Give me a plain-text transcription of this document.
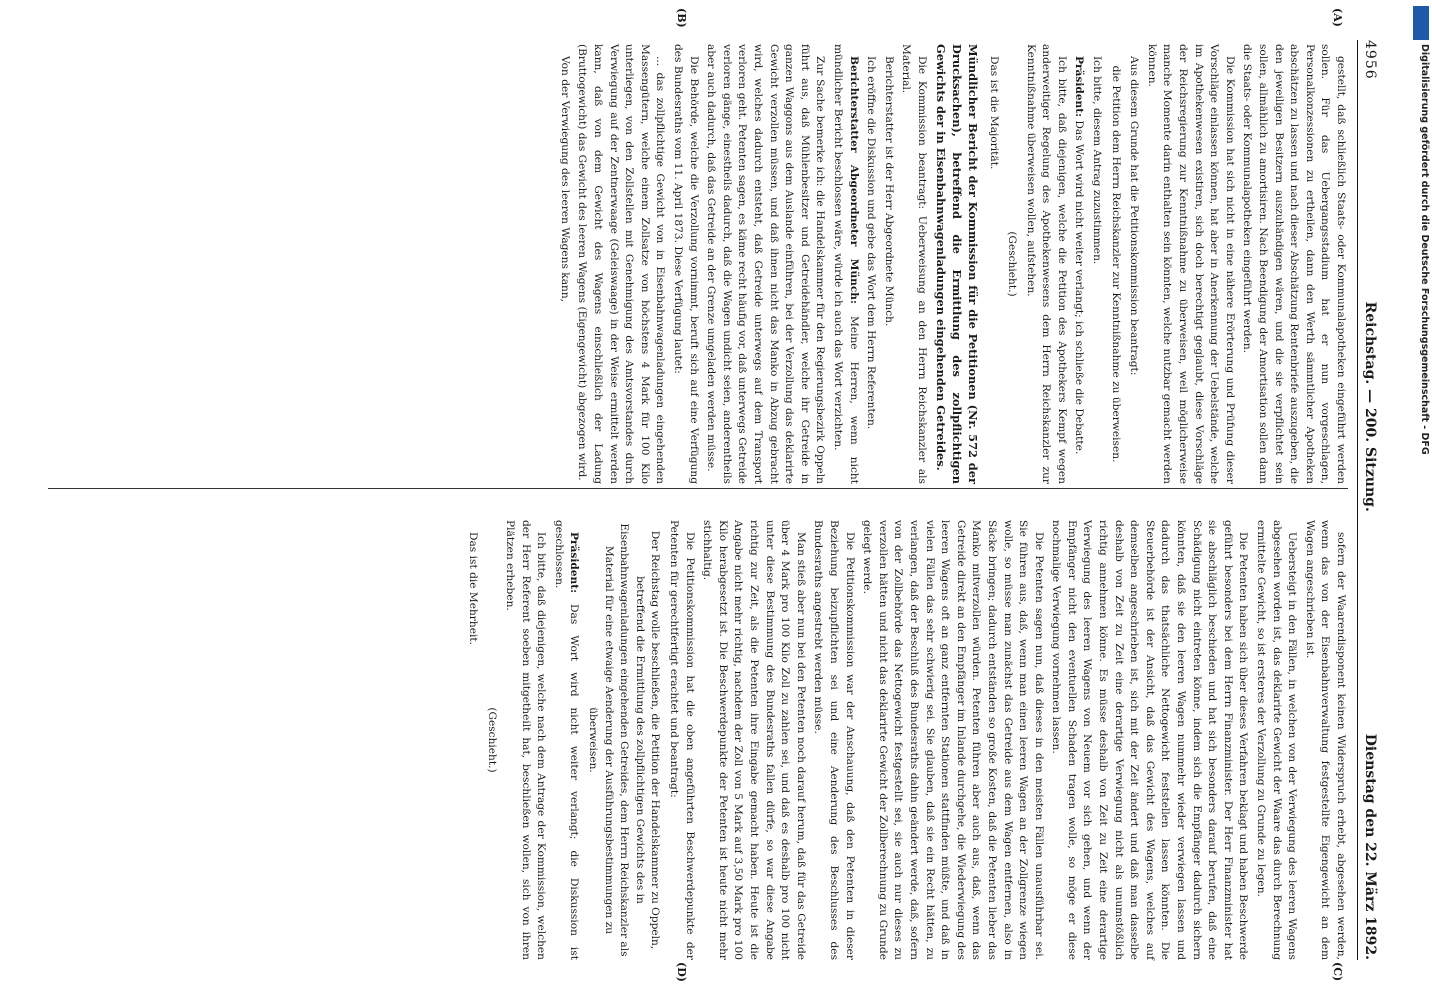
4956
Reichstag. — 200. Sitzung.
Dienstag den 22. März 1892.
(A)
(B)
(C)
(D)

gestellt, daß schließlich Staats- oder Kommunalapotheken eingeführt werden sollen. Für das Uebergangsstadium hat er nun vorgeschlagen, Personalkonzessionen zu ertheilen, dann den Werth sämmtlicher Apotheken abschätzen zu lassen und nach dieser Abschätzung Rentenbriefe auszugeben, die den jeweiligen Besitzern auszuhändigen wären, und die sie verpflichtet sein sollen, allmählich zu amortisiren. Nach Beendigung der Amortisation sollen dann die Staats- oder Kommunalapotheken eingeführt werden.

Die Kommission hat sich nicht in eine nähere Erörterung und Prüfung dieser Vorschläge einlassen können, hat aber in Anerkennung der Uebelstände, welche im Apothekenwesen existiren, sich doch berechtigt geglaubt, diese Vorschläge der Reichsregierung zur Kenntnißnahme zu überweisen, weil möglicherweise manche Momente darin enthalten sein könnten, welche nutzbar gemacht werden können.

Aus diesem Grunde hat die Petitionskommission beantragt:

die Petition dem Herrn Reichskanzler zur Kenntnißnahme zu überweisen.

Ich bitte, diesem Antrag zuzustimmen.

Präsident: Das Wort wird nicht weiter verlangt; ich schließe die Debatte.

Ich bitte, daß diejenigen, welche die Petition des Apothekers Kempf wegen anderweitiger Regelung des Apothekenwesens dem Herrn Reichskanzler zur Kenntnißnahme überweisen wollen, aufstehen.

(Geschieht.)

Das ist die Majorität.

Mündlicher Bericht der Kommission für die Petitionen (Nr. 572 der Drucksachen), betreffend die Ermittlung des zollpflichtigen Gewichts der in Eisenbahnwagenladungen eingehenden Getreides.

Die Kommission beantragt: Ueberweisung an den Herrn Reichskanzler als Material.

Berichterstatter ist der Herr Abgeordnete Münch.

Ich eröffne die Diskussion und gebe das Wort dem Herrn Referenten.

Berichterstatter Abgeordneter Münch: Meine Herren, wenn nicht mündlicher Bericht beschlossen wäre, würde ich auch das Wort verzichten.

Zur Sache bemerke ich: die Handelskammer für den Regierungsbezirk Oppeln führt aus, daß Mühlenbesitzer und Getreidehändler, welche ihr Getreide in ganzen Waggons aus dem Auslande einführen, bei der Verzollung das deklarirte Gewicht verzollen müssen, und daß ihnen nicht das Manko in Abzug gebracht wird, welches dadurch entsteht, daß Getreide unterwegs auf dem Transport verloren geht. Petenten sagen, es käme recht häufig vor, daß unterwegs Getreide verloren gänge, einestheils dadurch, daß die Wagen undicht seien, anderentheils aber auch dadurch, daß das Getreide an der Grenze umgeladen werden müsse.

Die Behörde, welche die Verzollung vornimmt, beruft sich auf eine Verfügung des Bundesraths vom 11. April 1873. Diese Verfügung lautet:

... das zollpflichtige Gewicht von in Eisenbahnwagenladungen eingehenden Massengütern, welche einem Zollsatze von höchstens 4 Mark für 100 Kilo unterliegen, von den Zollstellen mit Genehmigung des Amtsvorstandes durch Verwiegung auf der Zentnerwaage (Geleiswaage) in der Weise ermittelt werden kann, daß von dem Gewicht des Wagens einschließlich der Ladung (Bruttogewicht) das Gewicht des leeren Wagens (Eigengewicht) abgezogen wird.

Von der Verwiegung des leeren Wagens kann,

sofern der Waarendisponent keinen Widerspruch erhebt, abgesehen werden, wenn das von der Eisenbahnverwaltung festgestellte Eigengewicht an dem Wagen angeschrieben ist.

Uebersteigt in den Fällen, in welchen von der Verwiegung des leeren Wagens abgesehen worden ist, das deklarirte Gewicht der Waare das durch Berechnung ermittelte Gewicht, so ist ersteres der Verzollung zu Grunde zu legen.

Die Petenten haben sich über dieses Verfahren beklagt und haben Beschwerde geführt besonders bei dem Herrn Finanzminister. Der Herr Finanzminister hat sie abschläglich beschieden und hat sich besonders darauf berufen, daß eine Schädigung nicht eintreten könne, indem sich die Empfänger dadurch sichern könnten, daß sie den leeren Wagen nummehr wieder verwiegen lassen und dadurch das thatsächliche Nettogewicht feststellen lassen könnten. Die Steuerbehörde ist der Ansicht, daß das Gewicht des Wagens, welches auf demselben angeschrieben ist, sich mit der Zeit ändert und daß man dasselbe deshalb von Zeit zu Zeit eine derartige Verwiegung nicht als unumstößlich richtig annehmen könne. Es müsse deshalb von Zeit zu Zeit eine derartige Verwiegung des leeren Wagens von Neuem vor sich gehen, und wenn der Empfänger nicht den eventuellen Schaden tragen wolle, so möge er diese nochmalige Verwiegung vornehmen lassen.

Die Petenten sagen nun, daß dieses in den meisten Fällen unausführbar sei. Sie führen aus, daß, wenn man einen leeren Wagen an der Zollgrenze wiegen wolle, so müsse man zunächst das Getreide aus dem Wagen entfernen, also in Säcke bringen; dadurch entständen so große Kosten, daß die Petenten lieber das Manko mitverzollen würden. Petenten führen aber auch aus, daß, wenn das Getreide direkt an den Empfänger im Inlande durchgehe, die Wiederwiegung des leeren Wagens oft an ganz entfernten Stationen stattfinden müßte, und daß in vielen Fällen das sehr schwierig sei. Sie glauben, daß sie ein Recht hätten, zu verlangen, daß der Beschluß des Bundesraths dahin geändert werde, daß, sofern von der Zollbehörde das Nettogewicht festgestellt sei, sie auch nur dieses zu verzollen hätten und nicht das deklarirte Gewicht der Zollberechnung zu Grunde gelegt werde.

Die Petitionskommission war der Anschauung, daß den Petenten in dieser Beziehung beizupflichten sei und eine Aenderung des Beschlusses des Bundesraths angestrebt werden müsse.

Man stieß aber nun bei den Petenten noch darauf herum, daß für das Getreide über 4 Mark pro 100 Kilo Zoll zu zahlen sei, und daß es deshalb pro 100 nicht unter diese Bestimmung des Bundesraths fallen dürfe, so war diese Angabe richtig zur Zeit, als die Petenten ihre Eingabe gemacht haben. Heute ist die Angabe nicht mehr richtig, nachdem der Zoll von 5 Mark auf 3,50 Mark pro 100 Kilo herabgesetzt ist. Die Beschwerdepunkte der Petenten ist heute nicht mehr stichhaltig.

Die Petitionskommission hat die oben angeführten Beschwerdepunkte der Petenten für gerechtfertigt erachtet und beantragt:

Der Reichstag wolle beschließen, die Petition der Handelskammer zu Oppeln, betreffend die Ermittlung des zollpflichtigen Gewichts des in Eisenbahnwagenladungen eingehenden Getreides, dem Herrn Reichskanzler als Material für eine etwaige Aenderung der Ausführungsbestimmungen zu überweisen.

Präsident: Das Wort wird nicht weiter verlangt; die Diskussion ist geschlossen.

Ich bitte, daß diejenigen, welche nach dem Antrage der Kommission, welchen der Herr Referent soeben mitgetheilt hat, beschließen wollen, sich von ihren Plätzen erheben.

(Geschieht.)

Das ist die Mehrheit.

Digitalisierung gefördert durch die Deutsche Forschungsgemeinschaft - DFG
